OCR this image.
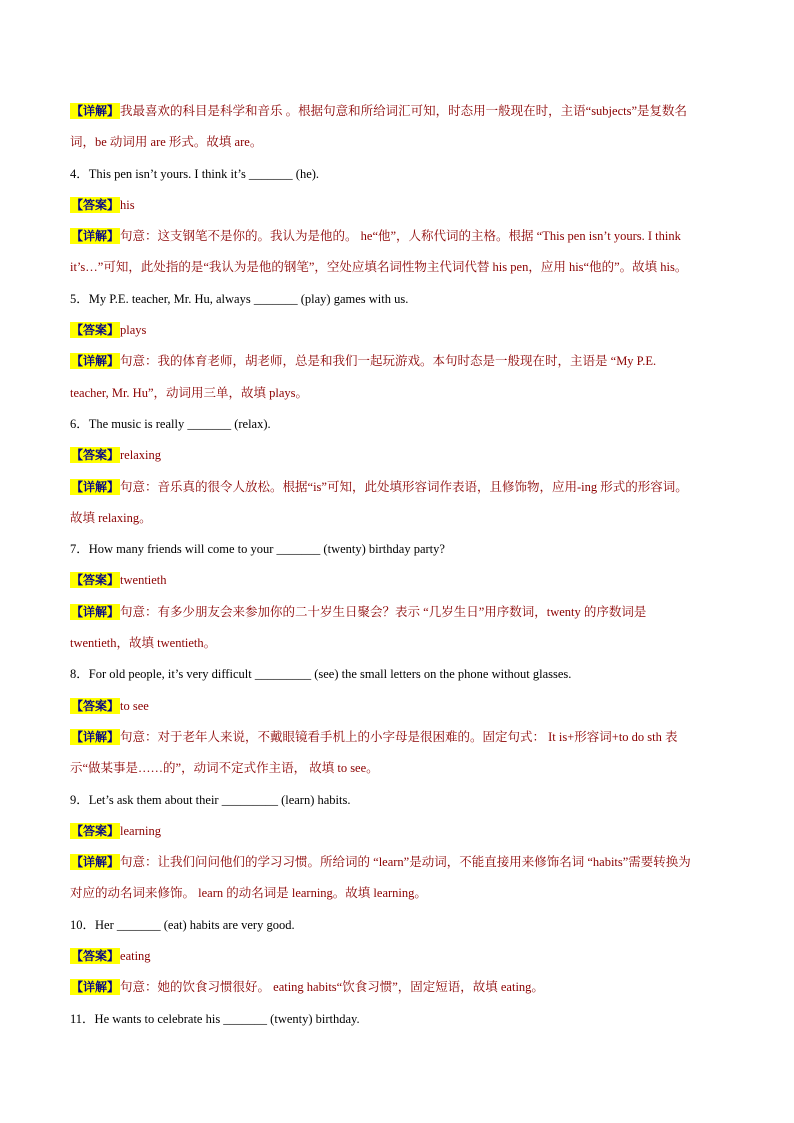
【详解】我最喜欢的科目是科学和音乐 。根据句意和所给词汇可知，时态用一般现在时，主语“subjects”是复数名
词，be 动词用 are 形式。故填 are。
4．This pen isn’t yours. I think it’s _______ (he).
【答案】his
【详解】句意：这支钢笔不是你的。我认为是他的。 he“他”，人称代词的主格。根据 “This pen isn’t yours. I think
it’s…”可知，此处指的是“我认为是他的钢笔”，空处应填名词性物主代词代替 his pen，应用 his“他的”。故填 his。
5．My P.E. teacher, Mr. Hu, always _______ (play) games with us.
【答案】plays
【详解】句意：我的体育老师，胡老师，总是和我们一起玩游戏。本句时态是一般现在时，主语是 “My P.E.
teacher, Mr. Hu”，动词用三单，故填 plays。
6．The music is really _______ (relax).
【答案】relaxing
【详解】句意：音乐真的很令人放松。根据“is”可知，此处填形容词作表语，且修饰物，应用-ing 形式的形容词。
故填 relaxing。
7．How many friends will come to your _______ (twenty) birthday party?
【答案】twentieth
【详解】句意：有多少朋友会来参加你的二十岁生日聚会？表示 “几岁生日”用序数词，twenty 的序数词是
twentieth，故填 twentieth。
8．For old people, it’s very difficult _________ (see) the small letters on the phone without glasses.
【答案】to see
【详解】句意：对于老年人来说，不戴眼镜看手机上的小字母是很困难的。固定句式： It is+形容词+to do sth 表
示“做某事是……的”，动词不定式作主语， 故填 to see。
9．Let’s ask them about their _________ (learn) habits.
【答案】learning
【详解】句意：让我们问问他们的学习习惯。所给词的 “learn”是动词，不能直接用来修饰名词 “habits”需要转换为
对应的动名词来修饰。 learn 的动名词是 learning。故填 learning。
10．Her _______ (eat) habits are very good.
【答案】eating
【详解】句意：她的饮食习惯很好。 eating habits“饮食习惯”，固定短语，故填 eating。
11．He wants to celebrate his _______ (twenty) birthday.
